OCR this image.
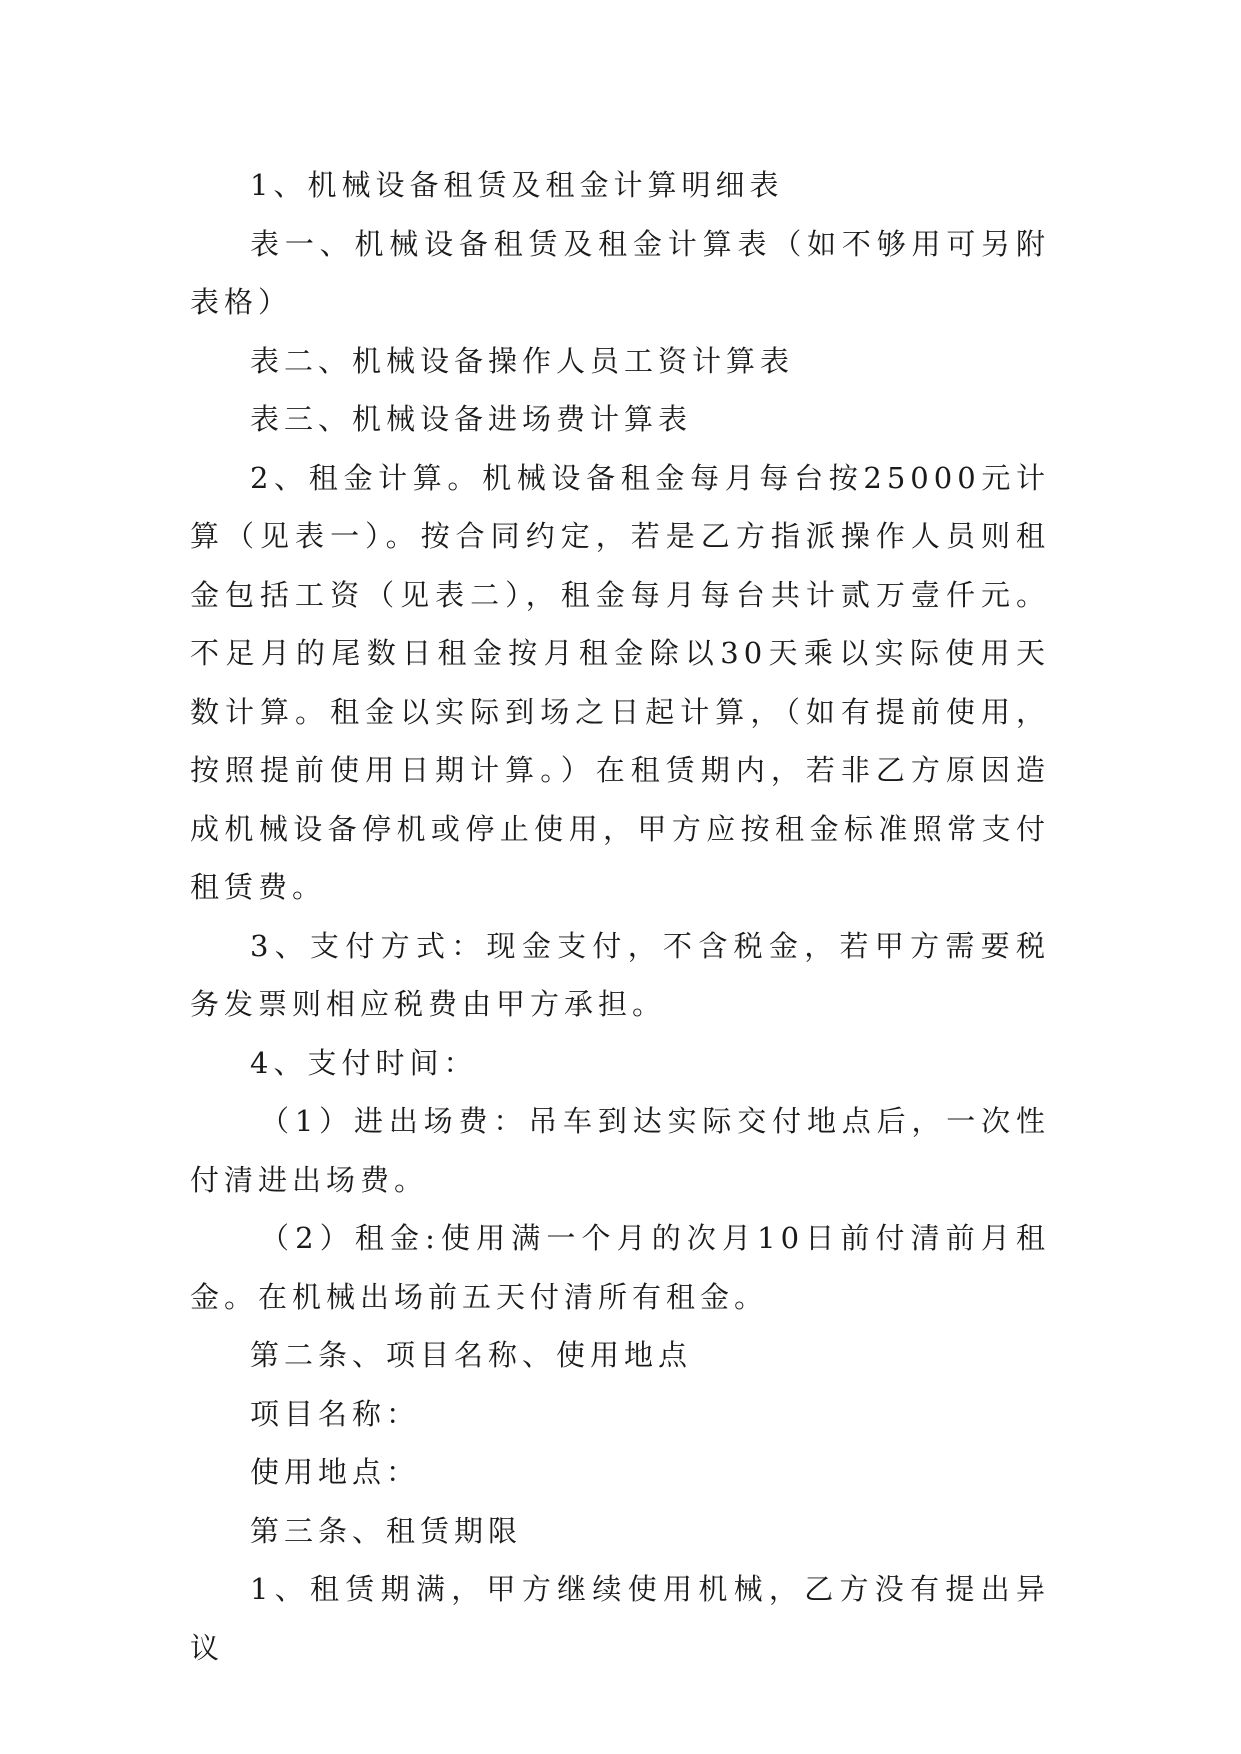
1、机械设备租赁及租金计算明细表

表一、机械设备租赁及租金计算表（如不够用可另附表格）

表二、机械设备操作人员工资计算表

表三、机械设备进场费计算表

2、租金计算。机械设备租金每月每台按25000元计算（见表一）。按合同约定，若是乙方指派操作人员则租金包括工资（见表二），租金每月每台共计贰万壹仟元。不足月的尾数日租金按月租金除以30天乘以实际使用天数计算。租金以实际到场之日起计算，（如有提前使用，按照提前使用日期计算。）在租赁期内，若非乙方原因造成机械设备停机或停止使用，甲方应按租金标准照常支付租赁费。

3、支付方式：现金支付，不含税金，若甲方需要税务发票则相应税费由甲方承担。

4、支付时间：

（1）进出场费：吊车到达实际交付地点后，一次性付清进出场费。

（2）租金:使用满一个月的次月10日前付清前月租金。在机械出场前五天付清所有租金。

第二条、项目名称、使用地点

项目名称：

使用地点：

第三条、租赁期限

1、租赁期满，甲方继续使用机械，乙方没有提出异议
